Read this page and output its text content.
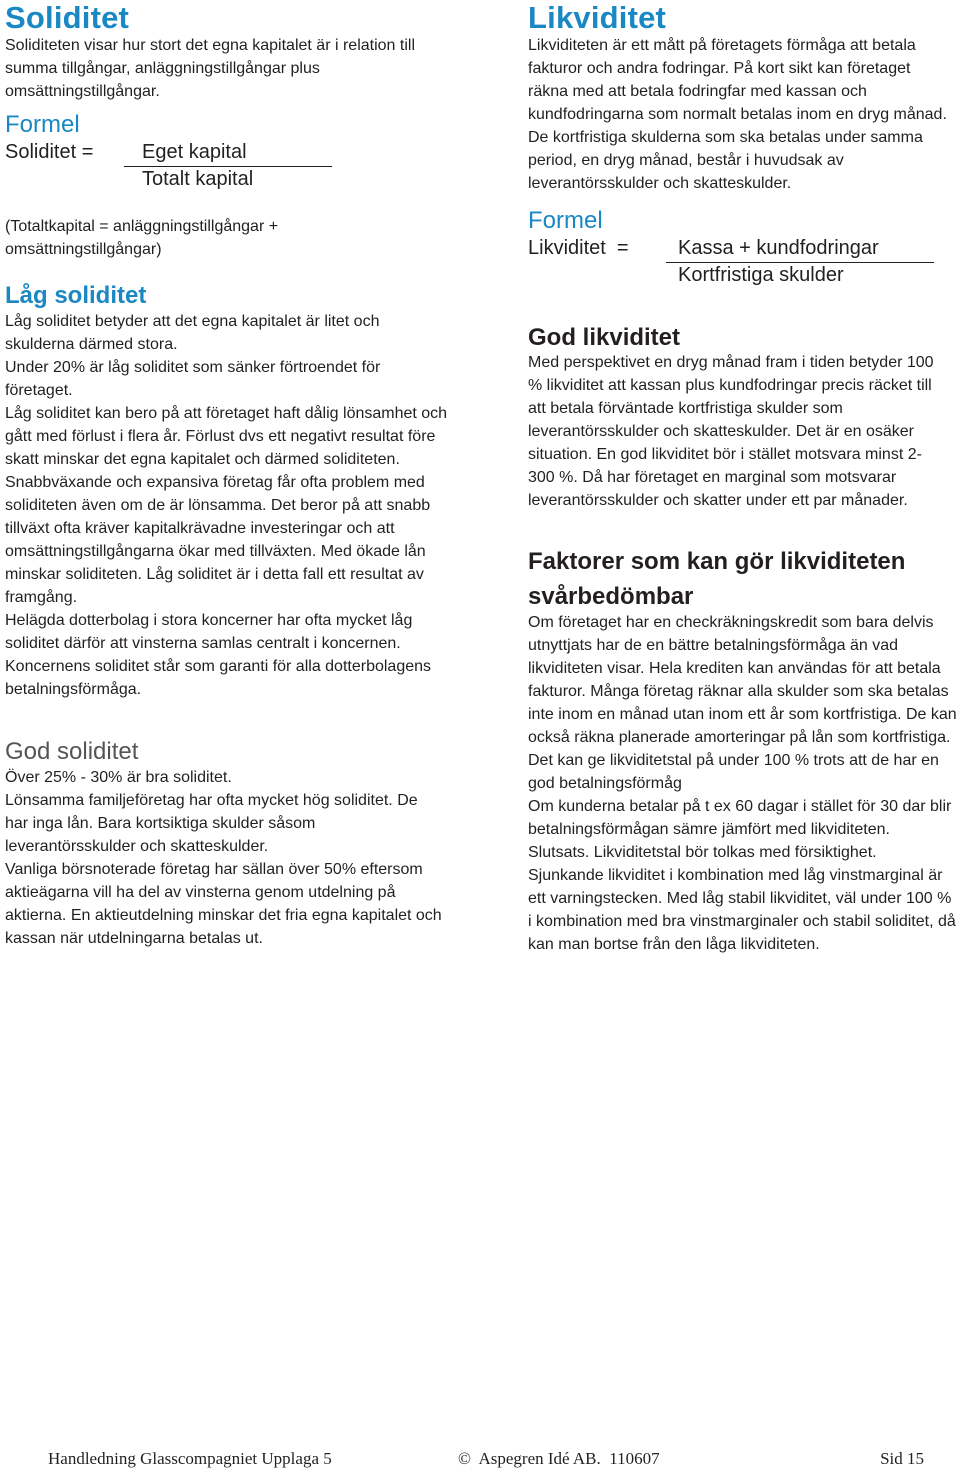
Soliditet

Soliditeten visar hur stort det egna kapitalet är i relation till summa tillgångar, anläggningstillgångar plus omsättningstillgångar.

Formel
Soliditet =	Eget kapital
Totalt kapital

(Totaltkapital = anläggningstillgångar + omsättningstillgångar)

Låg soliditet

Låg soliditet betyder att det egna kapitalet är litet och skulderna därmed stora.

Under 20% är låg soliditet som sänker förtroendet för företaget.

Låg soliditet kan bero på att företaget haft dålig lönsamhet och gått med förlust i flera år. Förlust dvs ett negativt resultat före skatt minskar det egna kapitalet och därmed soliditeten.

Snabbväxande och expansiva företag får ofta problem med soliditeten även om de är lönsamma. Det beror på att snabb tillväxt ofta kräver kapitalkrävadne investeringar och att omsättningstillgångarna ökar med tillväxten. Med ökade lån minskar soliditeten. Låg soliditet är i detta fall ett resultat av framgång.

Helägda dotterbolag i stora koncerner har ofta mycket låg soliditet därför att vinsterna samlas centralt i koncernen. Koncernens soliditet står som garanti för alla dotterbolagens betalningsförmåga.

God soliditet

Över 25% - 30% är bra soliditet.

Lönsamma familjeföretag har ofta mycket hög soliditet. De har inga lån. Bara kortsiktiga skulder såsom leverantörsskulder och skatteskulder.

Vanliga börsnoterade företag har sällan över 50% eftersom aktieägarna vill ha del av vinsterna genom utdelning på aktierna. En aktieutdelning minskar det fria egna kapitalet och kassan när utdelningarna betalas ut.

Likviditet

Likviditeten är ett mått på företagets förmåga att betala fakturor och andra fodringar. På kort sikt kan företaget räkna med att betala fodringfar med kassan och kundfodringarna som normalt betalas inom en dryg månad. De kortfristiga skulderna som ska betalas under samma period, en dryg månad, består i huvudsak av leverantörsskulder och skatteskulder.

Formel
Likviditet  =	Kassa + kundfodringar
Kortfristiga skulder
God likviditet

Med perspektivet en dryg månad fram i tiden betyder 100 % likviditet att kassan plus kundfodringar precis räcket till att betala förväntade kortfristiga skulder som leverantörsskulder och skatteskulder. Det är en osäker situation. En god likviditet bör i stället motsvara minst 2-300 %. Då har företaget en marginal som motsvarar leverantörsskulder och skatter under ett par månader.

Faktorer som kan gör likviditeten svårbedömbar

Om företaget har en checkräkningskredit som bara delvis utnyttjats har de en bättre betalningsförmåga än vad likviditeten visar. Hela krediten kan användas för att betala fakturor. Många företag räknar alla skulder som ska betalas inte inom en månad utan inom ett år som kortfristiga. De kan också räkna planerade amorteringar på lån som kortfristiga. Det kan ge likviditetstal på under 100 % trots att de har en god betalningsförmåg

Om kunderna betalar på t ex 60 dagar i stället för 30 dar blir betalningsförmågan sämre jämfört med likviditeten.

Slutsats. Likviditetstal bör tolkas med försiktighet. Sjunkande likviditet i kombination med låg vinstmarginal är ett varningstecken. Med låg stabil likviditet, väl under 100 % i kombination med bra vinstmarginaler och stabil soliditet, då kan man bortse från den låga likviditeten.

Handledning Glasscompagniet Upplaga 5	©  Aspegren Idé AB.  110607	Sid 15
